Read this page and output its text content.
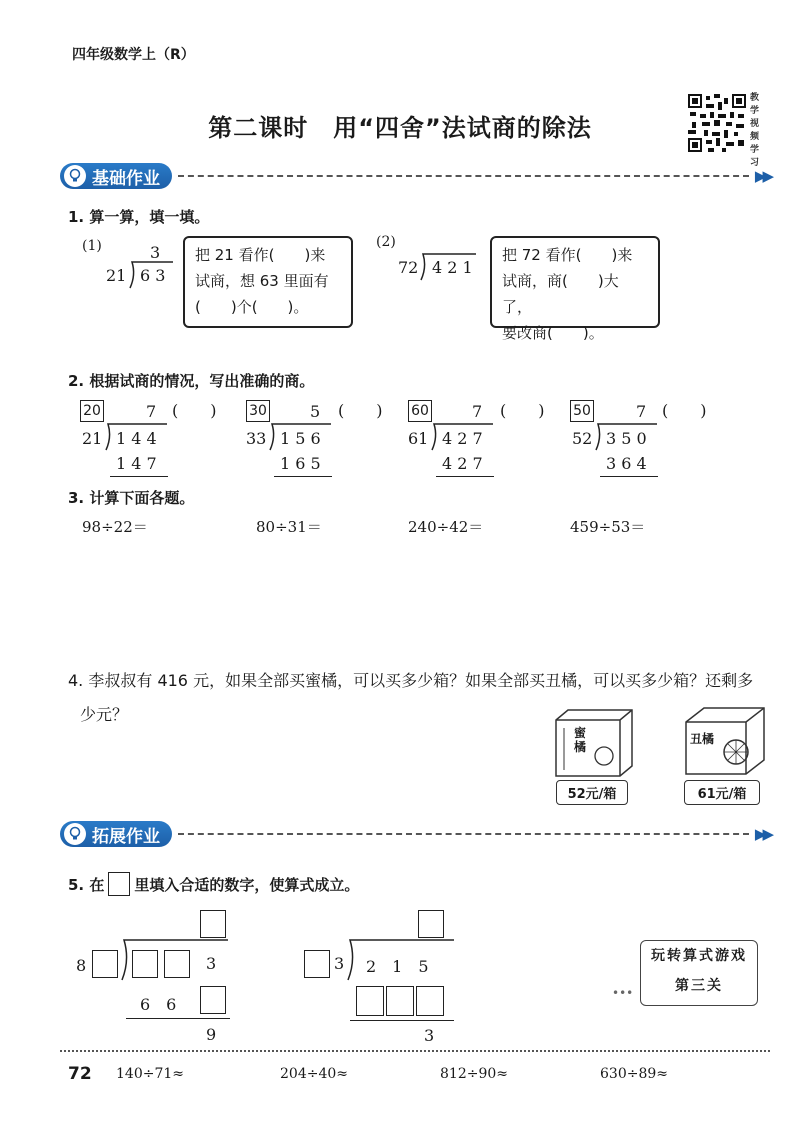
四年级数学上（R）
第二课时　用“四舍”法试商的除法
教学视频学习
基础作业	▶▶
1. 算一算，填一填。
(1)	3
21 6 3
把 21 看作(　　)来
试商，想 63 里面有
(　　)个(　　)。
(2)
72 4 2 1
把 72 看作(　　)来
试商，商(　　)大了，
要改商(　　)。
2. 根据试商的情况，写出准确的商。
20	7 (　　)
21 1 4 4
1 4 7
30	5 (　　)
33 1 5 6
1 6 5
60	7 (　　)
61 4 2 7
4 2 7
50	7 (　　)
52 3 5 0
3 6 4
3. 计算下面各题。
98÷22＝	80÷31＝	240÷42＝	459÷53＝
4. 李叔叔有 416 元，如果全部买蜜橘，可以买多少箱？如果全部买丑橘，可以买多少箱？还剩多
少元？
蜜橘
52元/箱
丑橘
61元/箱
拓展作业	▶▶
5. 在 里填入合适的数字，使算式成立。
8	3
6　6
9
3 2　1　5
3
•••
玩转算式游戏
第三关
72 140÷71≈	204÷40≈	812÷90≈	630÷89≈
